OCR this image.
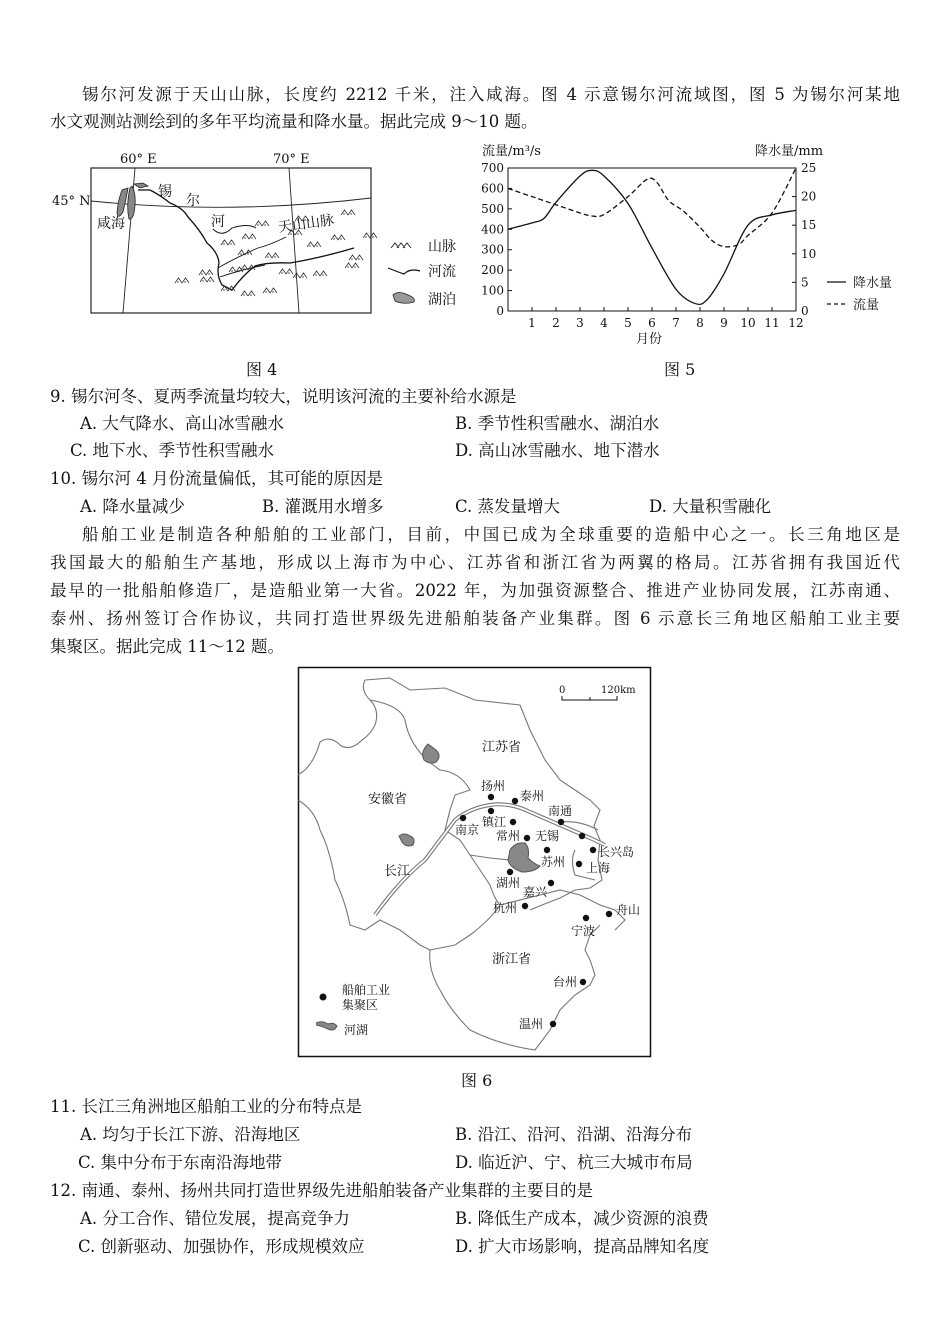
锡尔河发源于天山山脉，长度约 2212 千米，注入咸海。图 4 示意锡尔河流域图，图 5 为锡尔河某地
水文观测站测绘到的多年平均流量和降水量。据此完成 9～10 题。
60° E	70° E
45° N
咸海
锡
尔
河	天山山脉
山脉
河流
湖泊
图 4
流量/m³/s	降水量/mm
月份
1 2 3 4 5 6 7 8 9 10 11 12
0
100
200
300
400
500
600
700
0
5
10
15
20
25
降水量
流量
图 5
9. 锡尔河冬、夏两季流量均较大，说明该河流的主要补给水源是
A. 大气降水、高山冰雪融水	B. 季节性积雪融水、湖泊水
C. 地下水、季节性积雪融水	D. 高山冰雪融水、地下潜水
10. 锡尔河 4 月份流量偏低，其可能的原因是
A. 降水量减少	B. 灌溉用水增多	C. 蒸发量增大	D. 大量积雪融化
船舶工业是制造各种船舶的工业部门，目前，中国已成为全球重要的造船中心之一。长三角地区是
我国最大的船舶生产基地，形成以上海市为中心、江苏省和浙江省为两翼的格局。江苏省拥有我国近代
最早的一批船舶修造厂，是造船业第一大省。2022 年，为加强资源整合、推进产业协同发展，江苏南通、
泰州、扬州签订合作协议，共同打造世界级先进船舶装备产业集群。图 6 示意长三角地区船舶工业主要
集聚区。据此完成 11～12 题。
0	120km
江苏省
安徽省
浙江省
长江
扬州
泰州
南京
镇江
常州 无锡
南通
长兴岛
苏州 上海
湖州
嘉兴
杭州
宁波
舟山
台州
温州
船舶工业集聚区
河湖
图 6
11. 长江三角洲地区船舶工业的分布特点是
A. 均匀于长江下游、沿海地区	B. 沿江、沿河、沿湖、沿海分布
C. 集中分布于东南沿海地带	D. 临近沪、宁、杭三大城市布局
12. 南通、泰州、扬州共同打造世界级先进船舶装备产业集群的主要目的是
A. 分工合作、错位发展，提高竞争力	B. 降低生产成本，减少资源的浪费
C. 创新驱动、加强协作，形成规模效应	D. 扩大市场影响，提高品牌知名度
